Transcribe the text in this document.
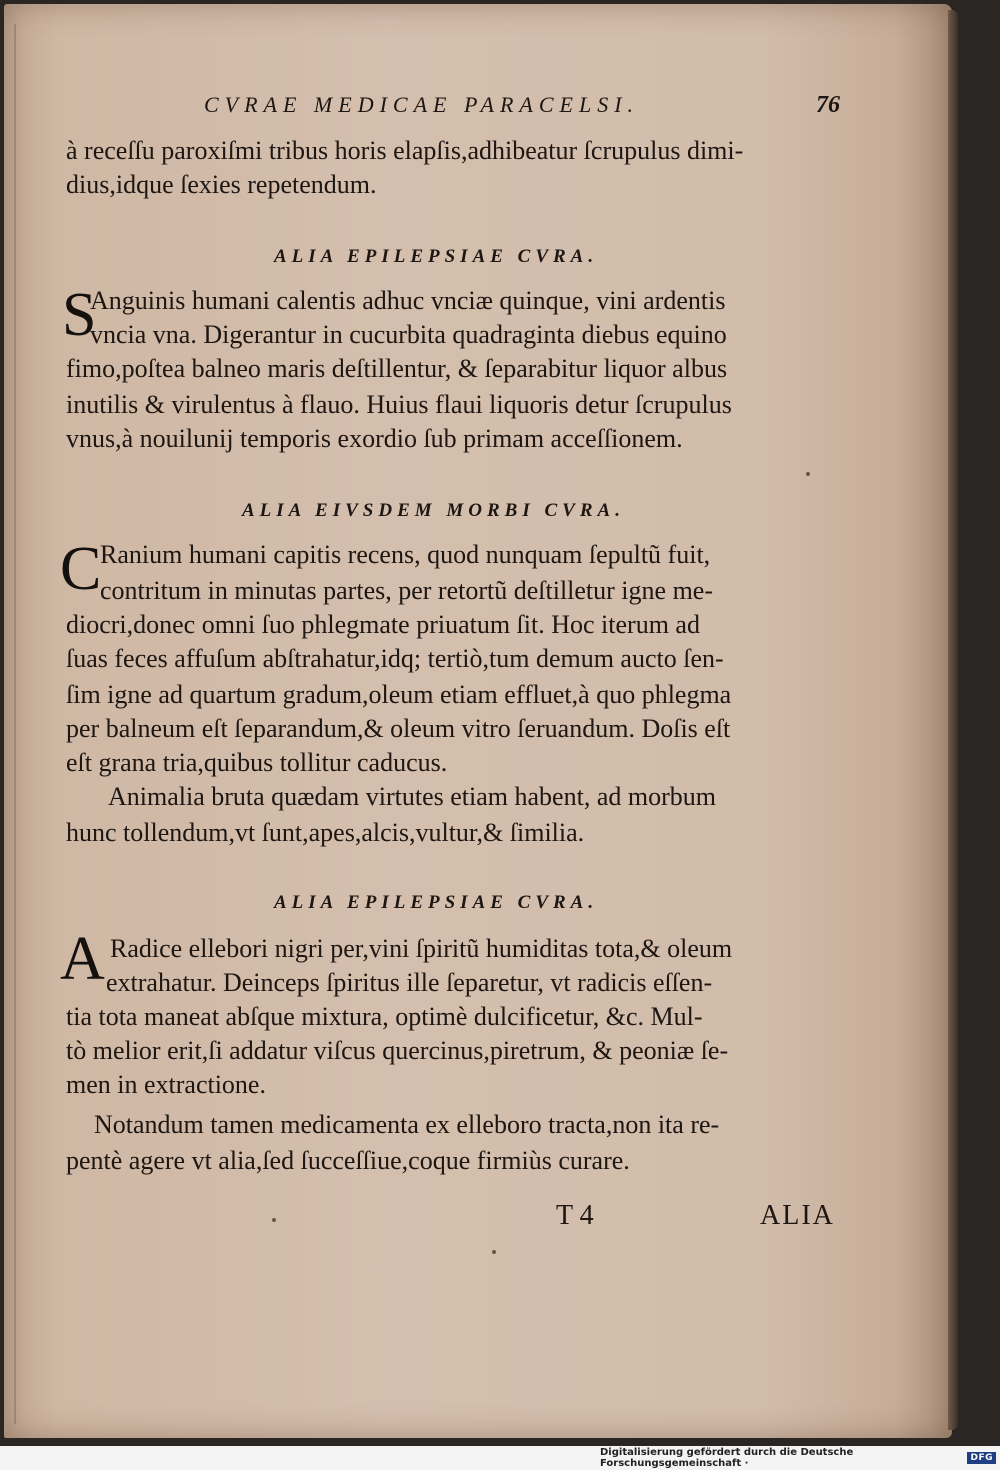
CVRAE MEDICAE PARACELSI.	76
à receſſu paroxiſmi tribus horis elapſis,adhibeatur ſcrupulus dimi-
dius,idque ſexies repetendum.
ALIA EPILEPSIAE CVRA.
S
Anguinis humani calentis adhuc vnciæ quinque, vini ardentis
vncia vna. Digerantur in cucurbita quadraginta diebus equino
fimo,poſtea balneo maris deſtillentur, & ſeparabitur liquor albus
inutilis & virulentus à flauo. Huius flaui liquoris detur ſcrupulus
vnus,à nouilunij temporis exordio ſub primam acceſſionem.
ALIA EIVSDEM MORBI CVRA.
C
Ranium humani capitis recens, quod nunquam ſepultũ fuit,
contritum in minutas partes, per retortũ deſtilletur igne me-
diocri,donec omni ſuo phlegmate priuatum ſit. Hoc iterum ad
ſuas feces affuſum abſtrahatur,idq; tertiò,tum demum aucto ſen-
ſim igne ad quartum gradum,oleum etiam effluet,à quo phlegma
per balneum eſt ſeparandum,& oleum vitro ſeruandum. Doſis eſt
eſt grana tria,quibus tollitur caducus.
Animalia bruta quædam virtutes etiam habent, ad morbum
hunc tollendum,vt ſunt,apes,alcis,vultur,& ſimilia.
ALIA EPILEPSIAE CVRA.
A Radice ellebori nigri per,vini ſpiritũ humiditas tota,& oleum
extrahatur. Deinceps ſpiritus ille ſeparetur, vt radicis eſſen-
tia tota maneat abſque mixtura, optimè dulcificetur, &c. Mul-
tò melior erit,ſi addatur viſcus quercinus,piretrum, & peoniæ ſe-
men in extractione.
Notandum tamen medicamenta ex elleboro tracta,non ita re-
pentè agere vt alia,ſed ſucceſſiue,coque firmiùs curare.
T 4	ALIA
Digitalisierung gefördert durch die Deutsche Forschungsgemeinschaft ·	DFG
